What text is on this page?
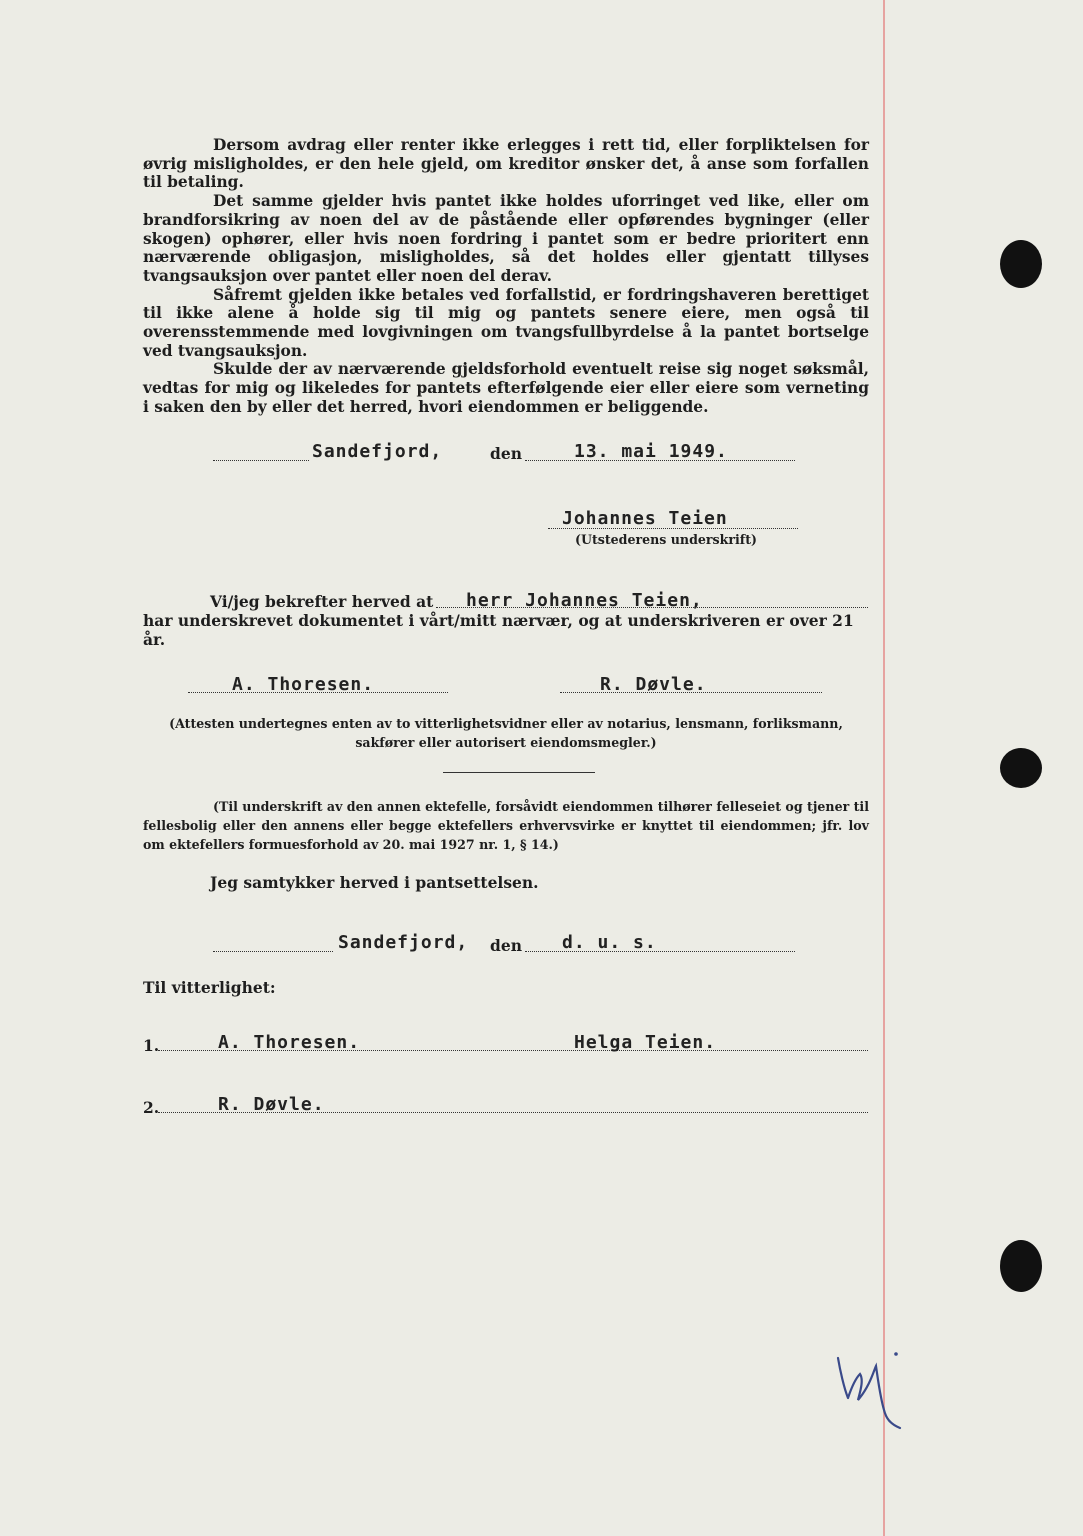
Dersom avdrag eller renter ikke erlegges i rett tid, eller forpliktelsen for øvrig misligholdes, er den hele gjeld, om kreditor ønsker det, å anse som forfallen til betaling.

Det samme gjelder hvis pantet ikke holdes uforringet ved like, eller om brandforsikring av noen del av de påstående eller opførendes bygninger (eller skogen) ophører, eller hvis noen fordring i pantet som er bedre prioritert enn nærværende obligasjon, misligholdes, så det holdes eller gjentatt tillyses tvangsauksjon over pantet eller noen del derav.

Såfremt gjelden ikke betales ved forfallstid, er fordringshaveren berettiget til ikke alene å holde sig til mig og pantets senere eiere, men også til overensstemmende med lovgivningen om tvangsfullbyrdelse å la pantet bortselge ved tvangsauksjon.

Skulde der av nærværende gjeldsforhold eventuelt reise sig noget søksmål, vedtas for mig og likeledes for pantets efterfølgende eier eller eiere som verneting i saken den by eller det herred, hvori eiendommen er beliggende.

Sandefjord,	den	13. mai 1949.
Johannes Teien
(Utstederens underskrift)
Vi/jeg bekrefter herved at herr Johannes Teien,
har underskrevet dokumentet i vårt/mitt nærvær, og at underskriveren er over 21 år.
A. Thoresen.	R. Døvle.
(Attesten undertegnes enten av to vitterlighetsvidner eller av notarius, lensmann, forliksmann, sakfører eller autorisert eiendomsmegler.)
(Til underskrift av den annen ektefelle, forsåvidt eiendommen tilhører felleseiet og tjener til fellesbolig eller den annens eller begge ektefellers erhvervsvirke er knyttet til eiendommen; jfr. lov om ektefellers formuesforhold av 20. mai 1927 nr. 1, § 14.)
Jeg samtykker herved i pantsettelsen.
Sandefjord, den d. u. s.
Til vitterlighet:
1.	A. Thoresen.	Helga Teien.
2.	R. Døvle.
